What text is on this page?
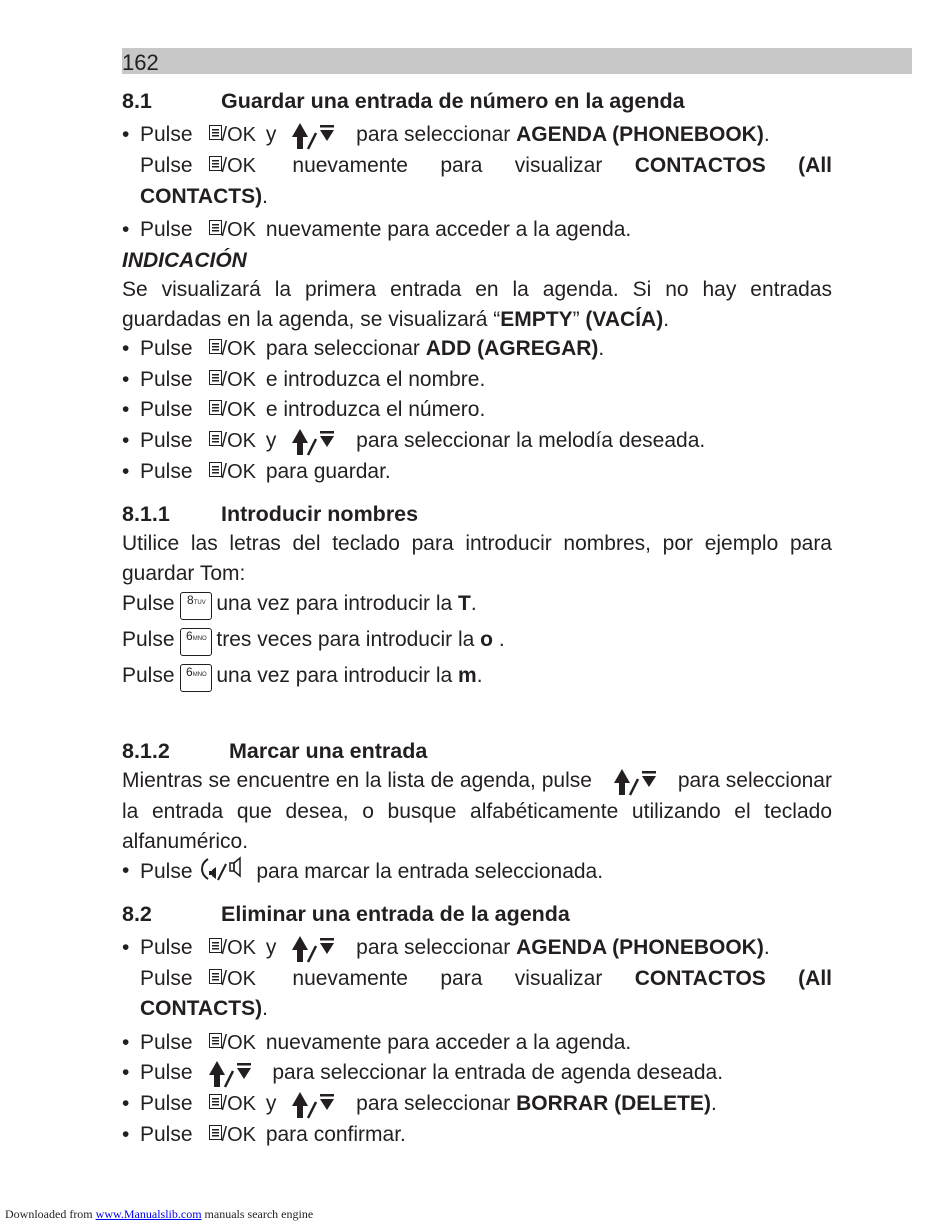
162
8.1	Guardar una entrada de número en la agenda
• Pulse /OK y	para seleccionar AGENDA (PHONEBOOK).
Pulse /OK nuevamente para visualizar CONTACTOS (All CONTACTS).
• Pulse /OK nuevamente para acceder a la agenda.
INDICACIÓN

Se visualizará la primera entrada en la agenda. Si no hay entradas guardadas en la agenda, se visualizará “EMPTY” (VACÍA).

• Pulse /OK para seleccionar ADD (AGREGAR).
• Pulse /OK e introduzca el nombre.
• Pulse /OK e introduzca el número.
• Pulse /OK y	para seleccionar la melodía deseada.
• Pulse /OK para guardar.
8.1.1 Introducir nombres

Utilice las letras del teclado para introducir nombres, por ejemplo para guardar Tom:

Pulse 8TUV una vez para introducir la T.

Pulse 6MNO tres veces para introducir la o .

Pulse 6MNO una vez para introducir la m.

8.1.2	Marcar una entrada

Mientras se encuentre en la lista de agenda, pulse	para seleccionar la entrada que desea, o busque alfabéticamente utilizando el teclado alfanumérico.

• Pulse	para marcar la entrada seleccionada.
8.2	Eliminar una entrada de la agenda
• Pulse /OK y	para seleccionar AGENDA (PHONEBOOK).
Pulse /OK nuevamente para visualizar CONTACTOS (All CONTACTS).
• Pulse /OK nuevamente para acceder a la agenda.
• Pulse	para seleccionar la entrada de agenda deseada.
• Pulse /OK y	para seleccionar BORRAR (DELETE).
• Pulse /OK para confirmar.
Downloaded from www.Manualslib.com manuals search engine
